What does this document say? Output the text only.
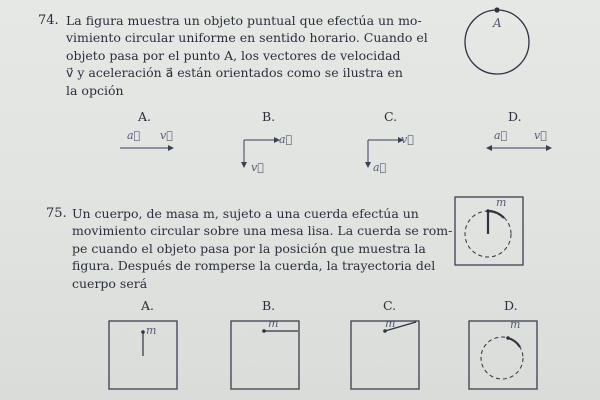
74. La figura muestra un objeto puntual que efectúa un mo-
vimiento circular uniforme en sentido horario. Cuando el
objeto pasa por el punto A, los vectores de velocidad
v⃗ y aceleración a⃗ están orientados como se ilustra en
la opción
A
A.	B.	C.	D.
a⃗ v⃗	a⃗
v⃗
v⃗
a⃗
a⃗ v⃗
75. Un cuerpo, de masa m, sujeto a una cuerda efectúa un
movimiento circular sobre una mesa lisa. La cuerda se rom-
pe cuando el objeto pasa por la posición que muestra la
figura. Después de romperse la cuerda, la trayectoria del
cuerpo será
m
A.	B.	C.	D.
m
m	m	m
